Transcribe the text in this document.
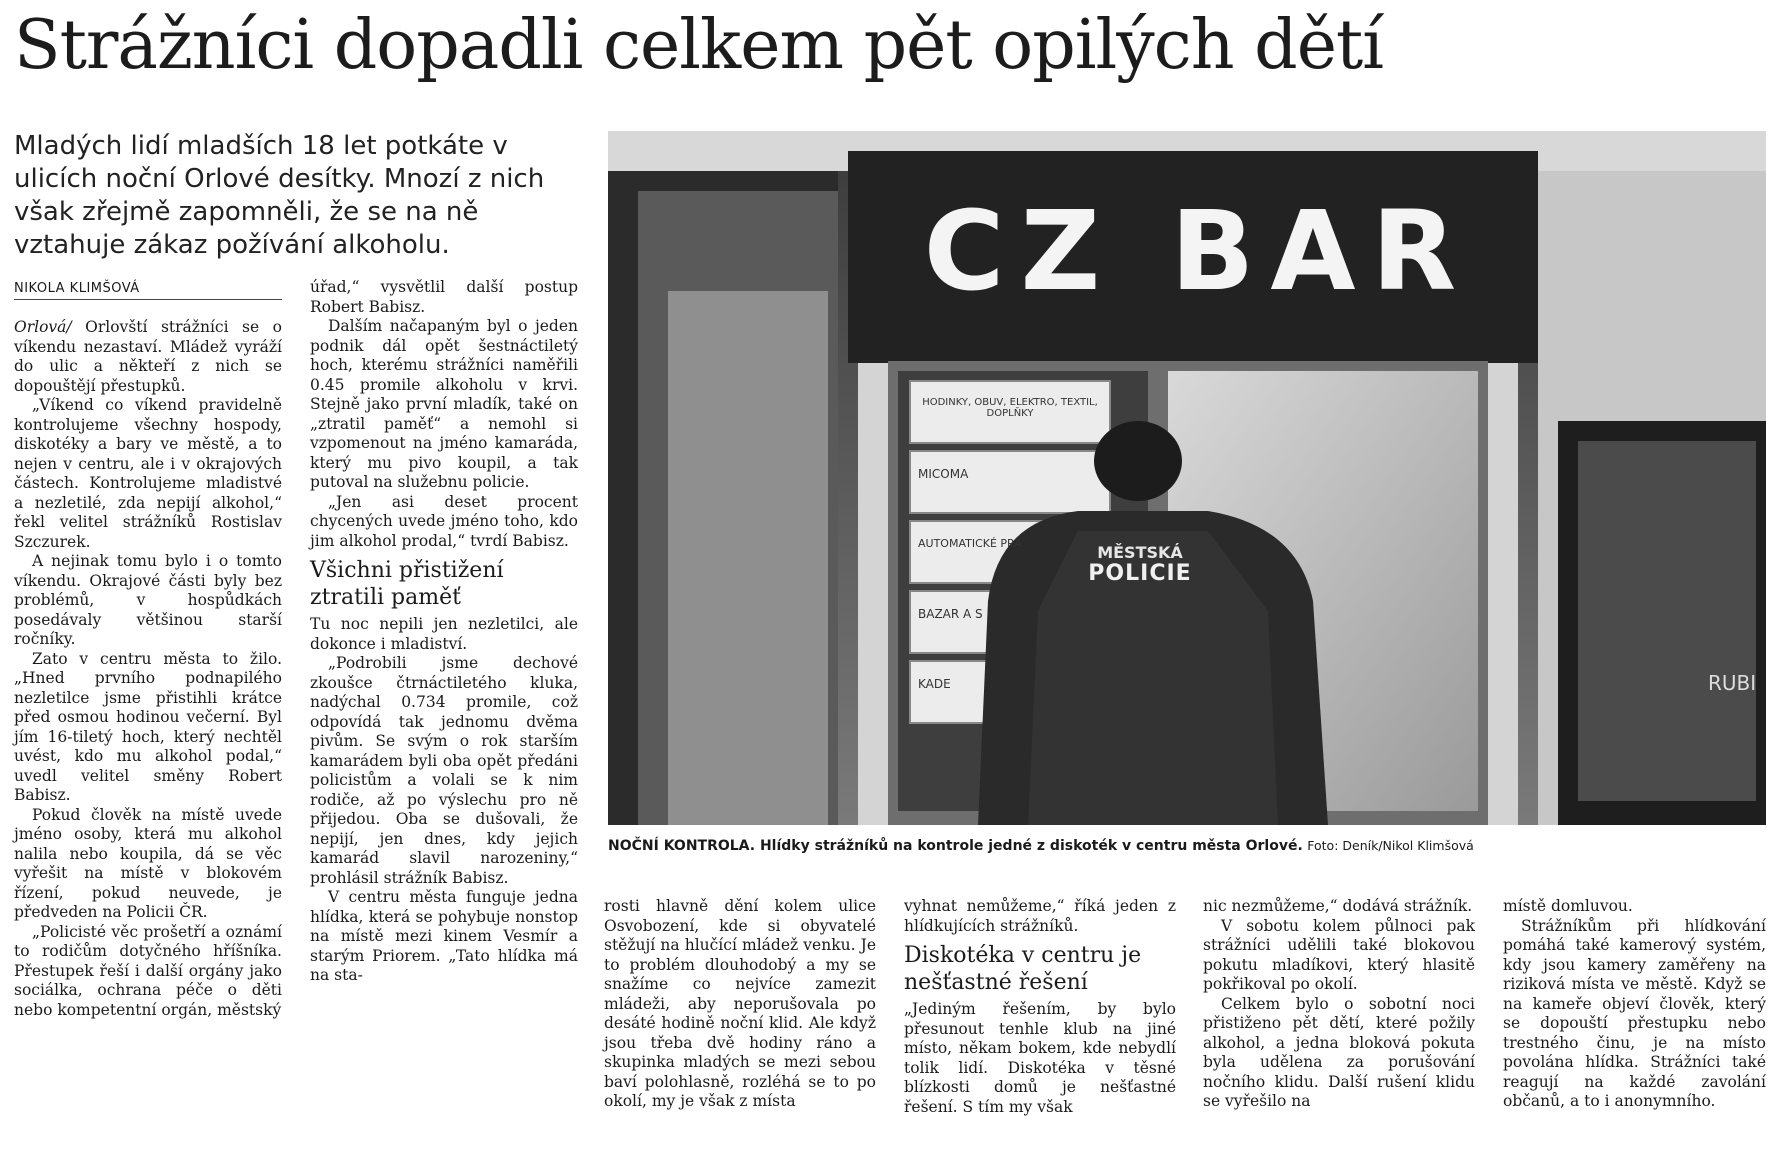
Strážníci dopadli celkem pět opilých dětí

Mladých lidí mladších 18 let potkáte v ulicích noční Orlové desítky. Mnozí z nich však zřejmě zapomněli, že se na ně vztahuje zákaz požívání alkoholu.

NIKOLA KLIMŠOVÁ

Orlová/ Orlovští strážníci se o víkendu nezastaví. Mládež vyráží do ulic a někteří z nich se dopouštějí přestupků.

„Víkend co víkend pravidelně kontrolujeme všechny hospody, diskotéky a bary ve městě, a to nejen v centru, ale i v okrajových částech. Kontrolujeme mladistvé a nezletilé, zda nepijí alkohol,“ řekl velitel strážníků Rostislav Szczurek.

A nejinak tomu bylo i o tomto víkendu. Okrajové části byly bez problémů, v hospůdkách posedávaly většinou starší ročníky.

Zato v centru města to žilo. „Hned prvního podnapilého nezletilce jsme přistihli krátce před osmou hodinou večerní. Byl jím 16-tiletý hoch, který nechtěl uvést, kdo mu alkohol podal,“ uvedl velitel směny Robert Babisz.

Pokud člověk na místě uvede jméno osoby, která mu alkohol nalila nebo koupila, dá se věc vyřešit na místě v blokovém řízení, pokud neuvede, je předveden na Policii ČR.

„Policisté věc prošetří a oznámí to rodičům dotyčného hříšníka. Přestupek řeší i další orgány jako sociálka, ochrana péče o děti nebo kompetentní orgán, městský

úřad,“ vysvětlil další postup Robert Babisz.

Dalším načapaným byl o jeden podnik dál opět šestnáctiletý hoch, kterému strážníci naměřili 0.45 promile alkoholu v krvi. Stejně jako první mladík, také on „ztratil paměť“ a nemohl si vzpomenout na jméno kamaráda, který mu pivo koupil, a tak putoval na služebnu policie.

„Jen asi deset procent chycených uvede jméno toho, kdo jim alkohol prodal,“ tvrdí Babisz.

Všichni přistižení ztratili paměť

Tu noc nepili jen nezletilci, ale dokonce i mladiství.

„Podrobili jsme dechové zkoušce čtrnáctiletého kluka, nadýchal 0.734 promile, což odpovídá tak jednomu dvěma pivům. Se svým o rok starším kamarádem byli oba opět předáni policistům a volali se k nim rodiče, až po výslechu pro ně přijedou. Oba se dušovali, že nepijí, jen dnes, kdy jejich kamarád slavil narozeniny,“ prohlásil strážník Babisz.

V centru města funguje jedna hlídka, která se pohybuje nonstop na místě mezi kinem Vesmír a starým Priorem. „Tato hlídka má na sta-

CZ BAR
MĚSTSKÁ
POLICIE
HODINKY, OBUV, ELEKTRO, TEXTIL, DOPLŇKY
MICOMA
AUTOMATICKÉ PRA
BAZAR A S
KADE	RUBI
NOČNÍ KONTROLA. Hlídky strážníků na kontrole jedné z diskoték v centru města Orlové. Foto: Deník/Nikol Klimšová

rosti hlavně dění kolem ulice Osvobození, kde si obyvatelé stěžují na hlučící mládež venku. Je to problém dlouhodobý a my se snažíme co nejvíce zamezit mládeži, aby neporušovala po desáté hodině noční klid. Ale když jsou třeba dvě hodiny ráno a skupinka mladých se mezi sebou baví polohlasně, rozléhá se to po okolí, my je však z místa

vyhnat nemůžeme,“ říká jeden z hlídkujících strážníků.

Diskotéka v centru je nešťastné řešení

„Jediným řešením, by bylo přesunout tenhle klub na jiné místo, někam bokem, kde nebydlí tolik lidí. Diskotéka v těsné blízkosti domů je nešťastné řešení. S tím my však

nic nezmůžeme,“ dodává strážník.

V sobotu kolem půlnoci pak strážníci udělili také blokovou pokutu mladíkovi, který hlasitě pokřikoval po okolí.

Celkem bylo o sobotní noci přistiženo pět dětí, které požily alkohol, a jedna bloková pokuta byla udělena za porušování nočního klidu. Další rušení klidu se vyřešilo na

místě domluvou.

Strážníkům při hlídkování pomáhá také kamerový systém, kdy jsou kamery zaměřeny na riziková místa ve městě. Když se na kameře objeví člověk, který se dopouští přestupku nebo trestného činu, je na místo povolána hlídka. Strážníci také reagují na každé zavolání občanů, a to i anonymního.
